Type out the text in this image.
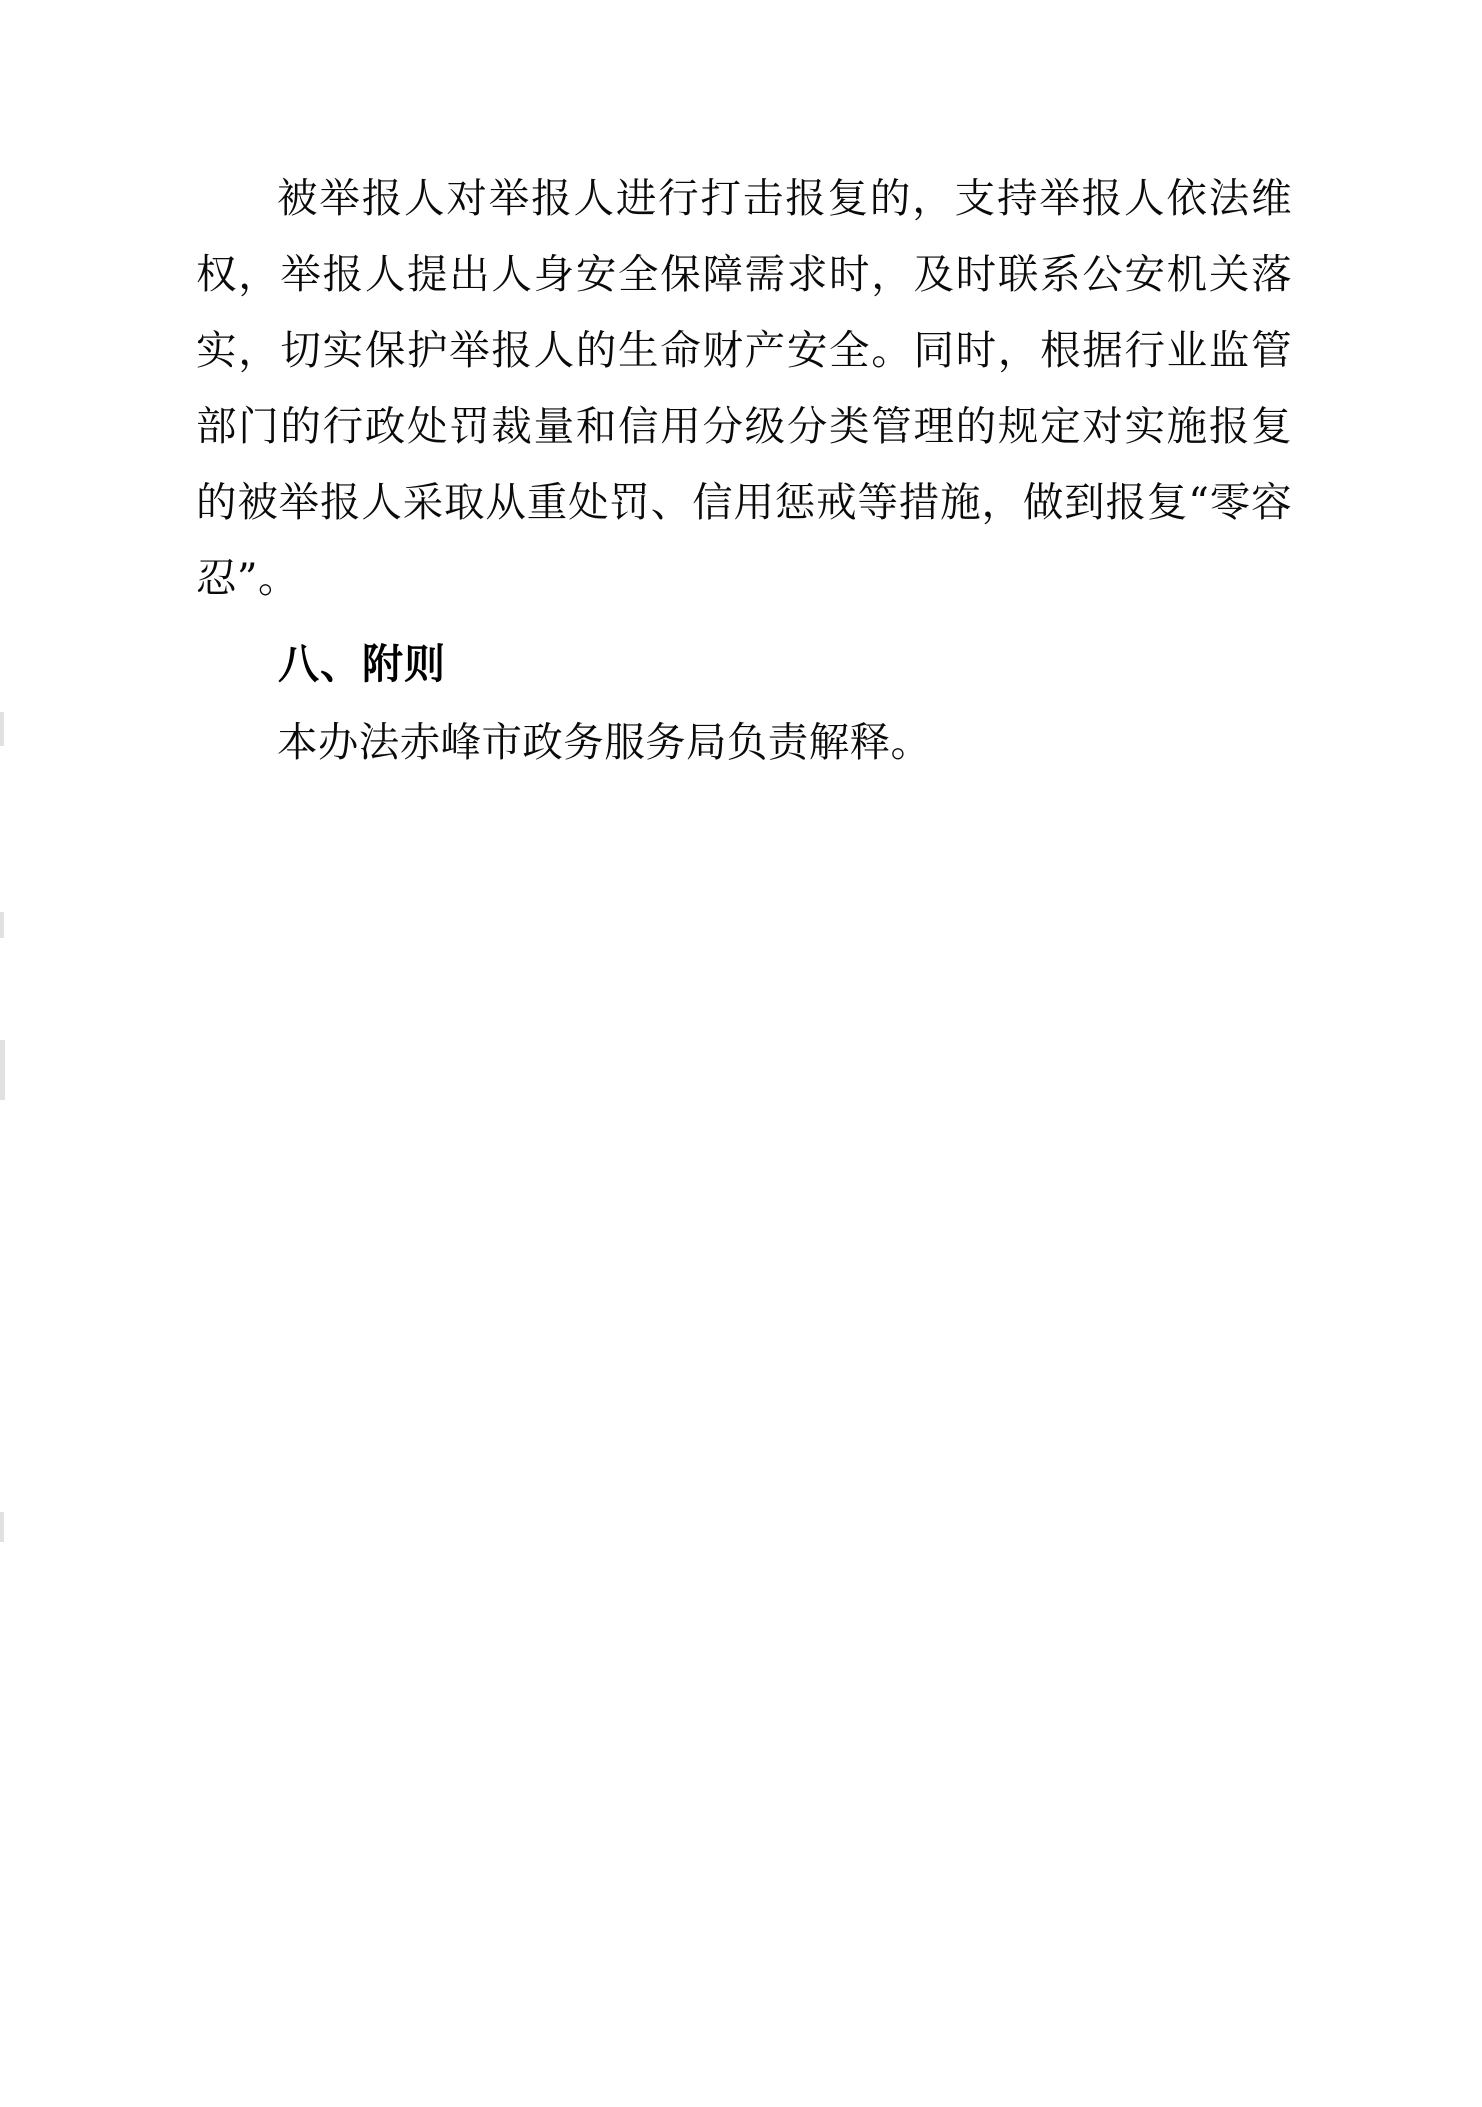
被举报人对举报人进行打击报复的，支持举报人依法维权，举报人提出人身安全保障需求时，及时联系公安机关落实，切实保护举报人的生命财产安全。同时，根据行业监管部门的行政处罚裁量和信用分级分类管理的规定对实施报复的被举报人采取从重处罚、信用惩戒等措施，做到报复“零容忍”。

八、附则

本办法赤峰市政务服务局负责解释。
